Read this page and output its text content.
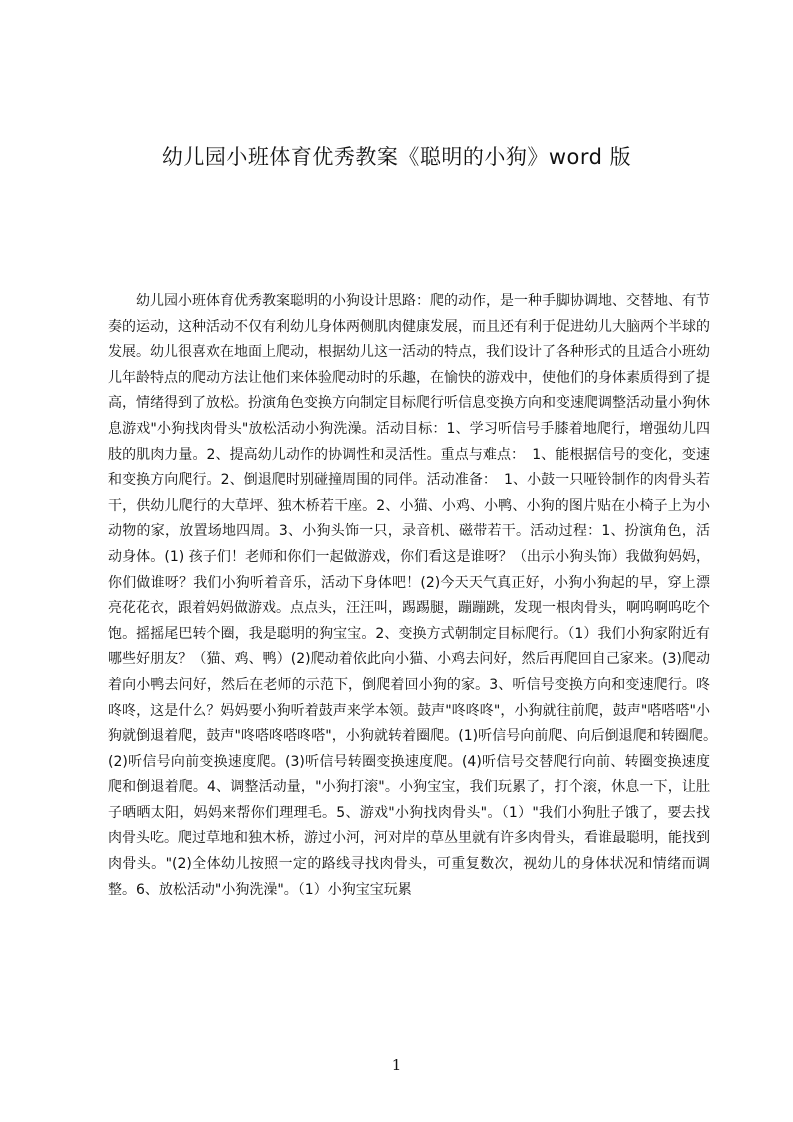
幼儿园小班体育优秀教案《聪明的小狗》word 版
幼儿园小班体育优秀教案聪明的小狗设计思路：爬的动作，是一种手脚协调地、交替地、有节奏的运动，这种活动不仅有利幼儿身体两侧肌肉健康发展，而且还有利于促进幼儿大脑两个半球的发展。幼儿很喜欢在地面上爬动，根据幼儿这一活动的特点，我们设计了各种形式的且适合小班幼儿年龄特点的爬动方法让他们来体验爬动时的乐趣，在愉快的游戏中，使他们的身体素质得到了提高，情绪得到了放松。扮演角色变换方向制定目标爬行听信息变换方向和变速爬调整活动量小狗休息游戏"小狗找肉骨头"放松活动小狗洗澡。活动目标：1、学习听信号手膝着地爬行，增强幼儿四肢的肌肉力量。2、提高幼儿动作的协调性和灵活性。重点与难点：　1、能根据信号的变化，变速和变换方向爬行。2、倒退爬时别碰撞周围的同伴。活动准备：　1、小鼓一只哑铃制作的肉骨头若干，供幼儿爬行的大草坪、独木桥若干座。2、小猫、小鸡、小鸭、小狗的图片贴在小椅子上为小动物的家，放置场地四周。3、小狗头饰一只，录音机、磁带若干。活动过程：1、扮演角色，活动身体。(1) 孩子们！老师和你们一起做游戏，你们看这是谁呀？（出示小狗头饰）我做狗妈妈，你们做谁呀？我们小狗听着音乐，活动下身体吧！(2)今天天气真正好，小狗小狗起的早，穿上漂亮花花衣，跟着妈妈做游戏。点点头，汪汪叫，踢踢腿，蹦蹦跳，发现一根肉骨头，啊呜啊呜吃个饱。摇摇尾巴转个圈，我是聪明的狗宝宝。2、变换方式朝制定目标爬行。（1）我们小狗家附近有哪些好朋友？（猫、鸡、鸭）(2)爬动着依此向小猫、小鸡去问好，然后再爬回自己家来。(3)爬动着向小鸭去问好，然后在老师的示范下，倒爬着回小狗的家。3、听信号变换方向和变速爬行。咚咚咚，这是什么？妈妈要小狗听着鼓声来学本领。鼓声"咚咚咚"，小狗就往前爬，鼓声"嗒嗒嗒"小狗就倒退着爬，鼓声"咚嗒咚嗒咚嗒"，小狗就转着圈爬。(1)听信号向前爬、向后倒退爬和转圈爬。　(2)听信号向前变换速度爬。(3)听信号转圈变换速度爬。(4)听信号交替爬行向前、转圈变换速度爬和倒退着爬。4、调整活动量，"小狗打滚"。小狗宝宝，我们玩累了，打个滚，休息一下，让肚子晒晒太阳，妈妈来帮你们理理毛。5、游戏"小狗找肉骨头"。（1）"我们小狗肚子饿了，要去找肉骨头吃。爬过草地和独木桥，游过小河，河对岸的草丛里就有许多肉骨头，看谁最聪明，能找到肉骨头。"(2)全体幼儿按照一定的路线寻找肉骨头，可重复数次，视幼儿的身体状况和情绪而调整。6、放松活动"小狗洗澡"。（1）小狗宝宝玩累
1
